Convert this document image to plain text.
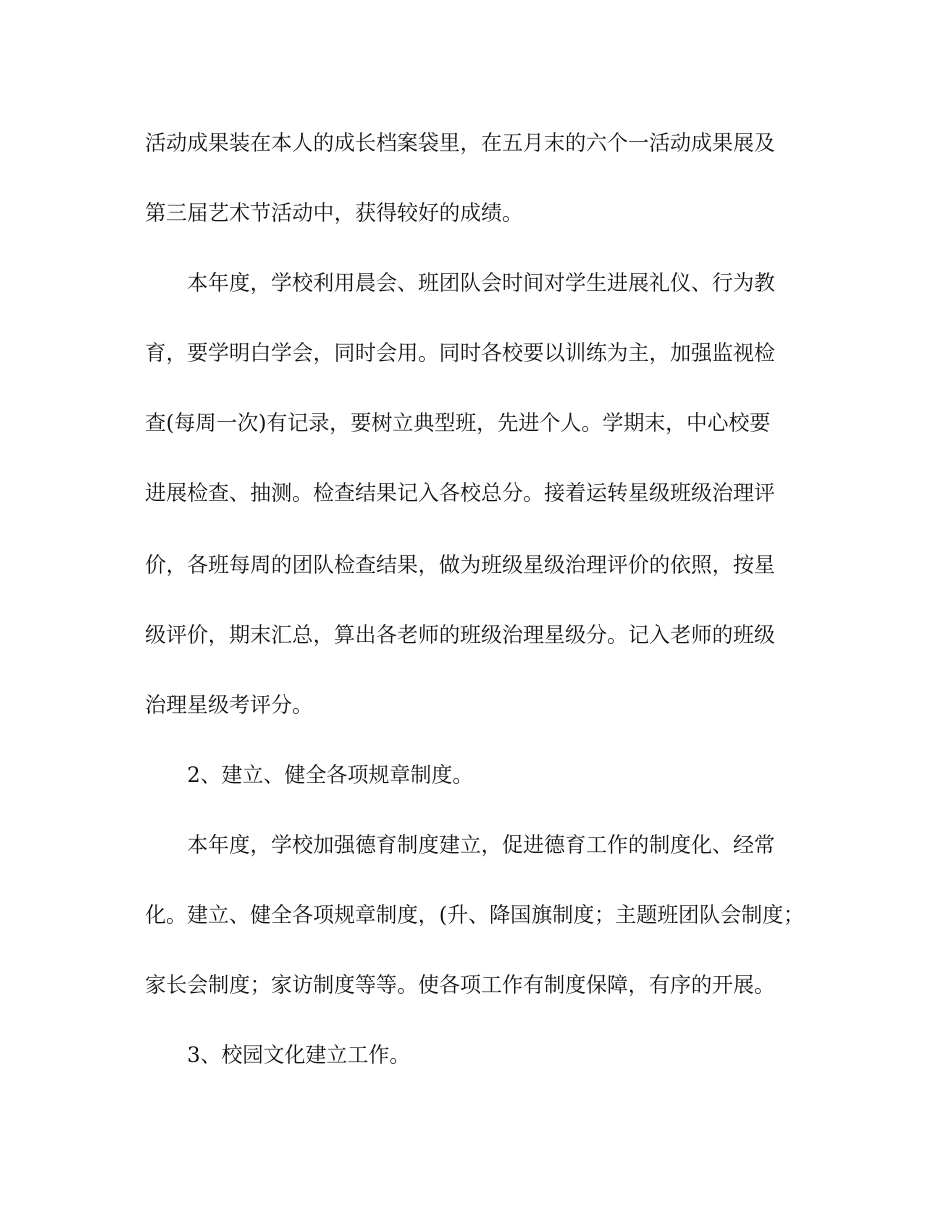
活动成果装在本人的成长档案袋里，在五月末的六个一活动成果展及

第三届艺术节活动中，获得较好的成绩。

本年度，学校利用晨会、班团队会时间对学生进展礼仪、行为教

育，要学明白学会，同时会用。同时各校要以训练为主，加强监视检

查(每周一次)有记录，要树立典型班，先进个人。学期末，中心校要

进展检查、抽测。检查结果记入各校总分。接着运转星级班级治理评

价，各班每周的团队检查结果，做为班级星级治理评价的依照，按星

级评价，期末汇总，算出各老师的班级治理星级分。记入老师的班级

治理星级考评分。

2、建立、健全各项规章制度。

本年度，学校加强德育制度建立，促进德育工作的制度化、经常

化。建立、健全各项规章制度，(升、降国旗制度；主题班团队会制度；

家长会制度；家访制度等等。使各项工作有制度保障，有序的开展。

3、校园文化建立工作。
